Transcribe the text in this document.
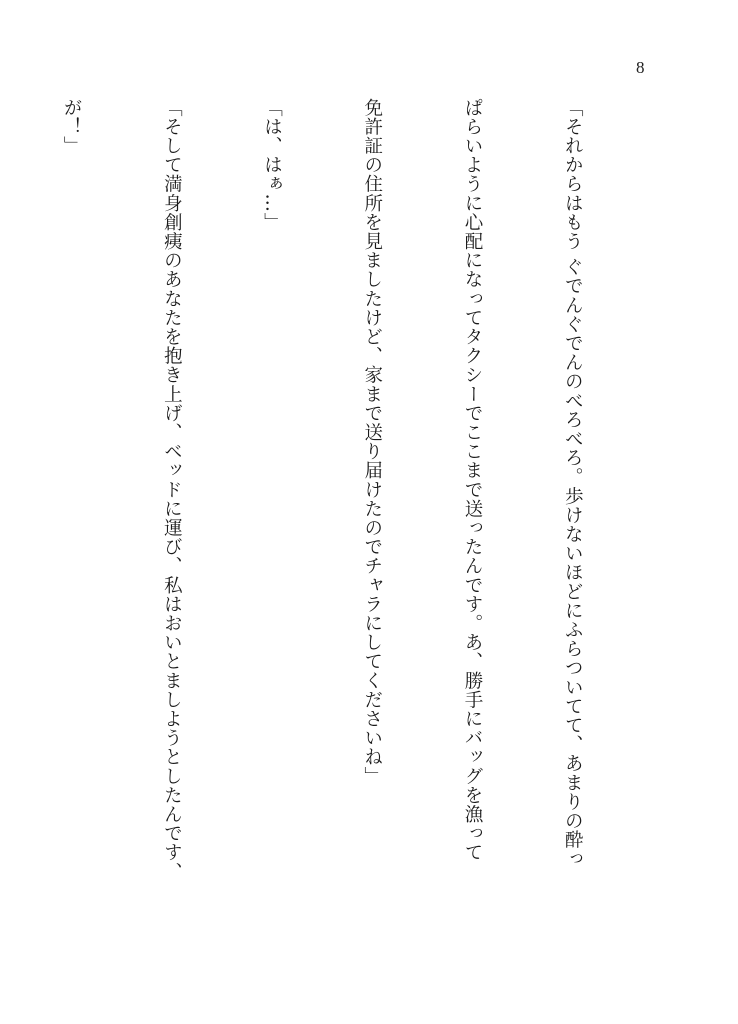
8

「それからはもう ぐでんぐでんのべろべろ。歩けないほどにふらついてて、あまりの酔っ

ぱらいように心配になってタクシーでここまで送ったんです。あ、勝手にバッグを漁って

免許証の住所を見ましたけど、家まで送り届けたのでチャラにしてくださいね」

「は、はぁ…」

「そして満身創痍のあなたを抱き上げ、ベッドに運び、私はおいとましようとしたんです、

が！」
